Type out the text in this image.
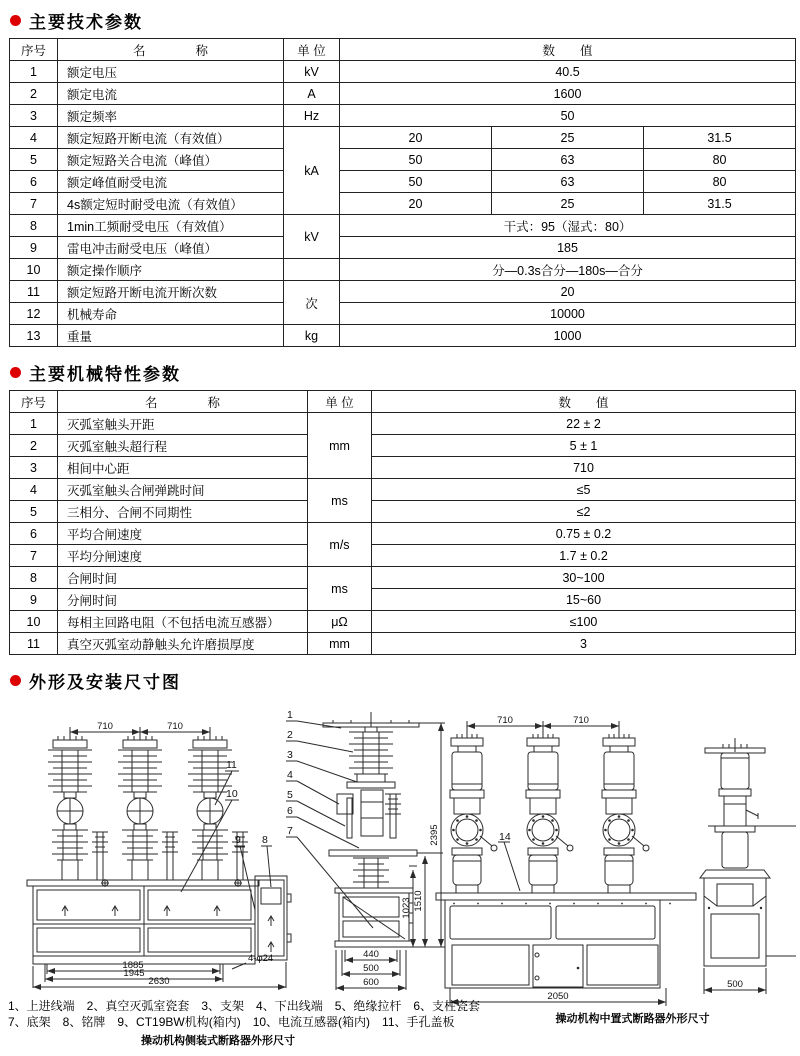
主要技术参数
序号	名　　　　称	单 位	数　　值		
1	额定电压	kV	40.5		
2	额定电流	A	1600		
3	额定频率	Hz	50		
4	额定短路开断电流（有效值）	kA	20	25	31.5
5	额定短路关合电流（峰值）		50	63	80
6	额定峰值耐受电流		50	63	80
7	4s额定短时耐受电流（有效值）		20	25	31.5
8	1min工频耐受电压（有效值）	kV	干式：95（湿式：80）		
9	雷电冲击耐受电压（峰值）		185		
10	额定操作顺序		分—0.3s合分—180s—合分		
11	额定短路开断电流开断次数	次	20		
12	机械寿命		10000		
13	重量	kg	1000		
主要机械特性参数
序号	名　　　　称	单 位	数　　值
1	灭弧室触头开距	mm	22 ± 2
2	灭弧室触头超行程		5 ± 1
3	相间中心距		710
4	灭弧室触头合闸弹跳时间	ms	≤5
5	三相分、合闸不同期性		≤2
6	平均合闸速度	m/s	0.75 ± 0.2
7	平均分闸速度		1.7 ± 0.2
8	合闸时间	ms	30~100
9	分闸时间		15~60
10	每相主回路电阻（不包括电流互感器）	μΩ	≤100
11	真空灭弧室动静触头允许磨损厚度	mm	3
外形及安装尺寸图
710	710
11
10
9 8
1885
1945
2630
4-φ24
1
2
3
4
5
6
7
1023 1510
2395
440
500
600
710	710
14
2050
500
1、上进线端　2、真空灭弧室瓷套　3、支架　4、下出线端　5、绝缘拉杆　6、支柱瓷套
7、底架　8、铭牌　9、CT19BW机构(箱内)　10、电流互感器(箱内)　11、手孔盖板
操动机构侧装式断路器外形尺寸
操动机构中置式断路器外形尺寸
